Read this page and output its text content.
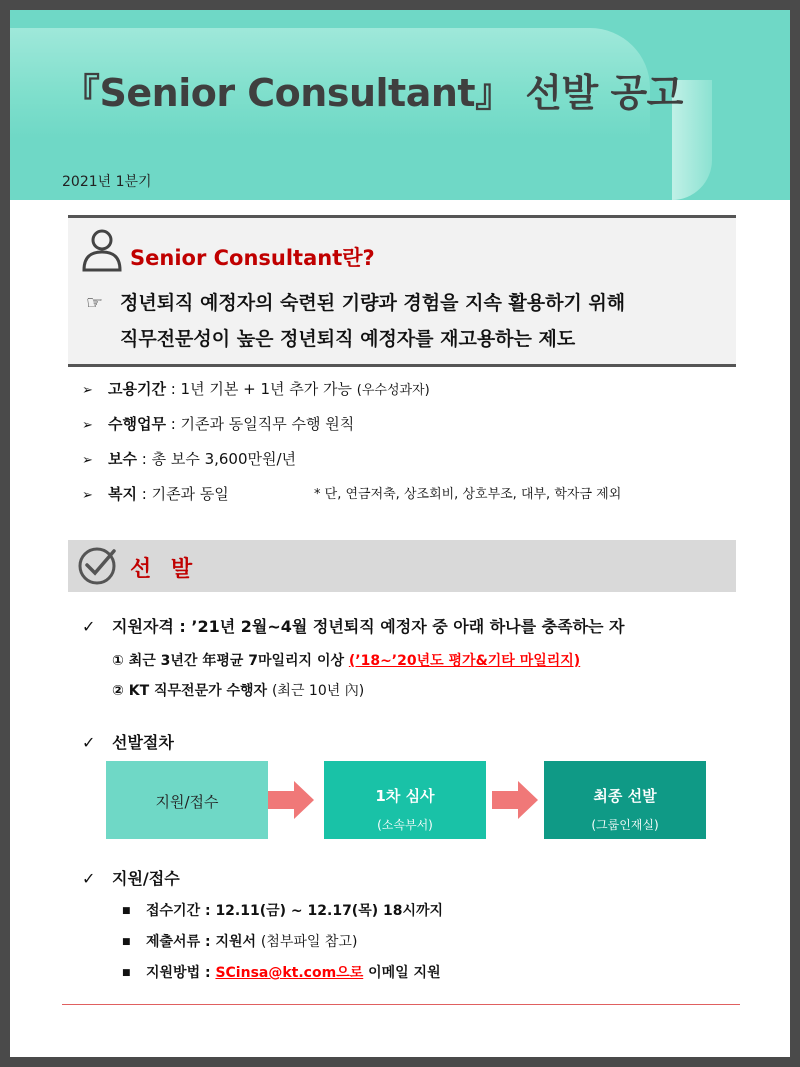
『Senior Consultant』 선발 공고
2021년 1분기
Senior Consultant란?
☞ 정년퇴직 예정자의 숙련된 기량과 경험을 지속 활용하기 위해
직무전문성이 높은 정년퇴직 예정자를 재고용하는 제도
➢ 고용기간 : 1년 기본 + 1년 추가 가능 (우수성과자)
➢ 수행업무 : 기존과 동일직무 수행 원칙
➢ 보수 : 총 보수 3,600만원/년
➢ 복지 : 기존과 동일	* 단, 연금저축, 상조회비, 상호부조, 대부, 학자금 제외
선 발
✓ 지원자격 : ’21년 2월~4월 정년퇴직 예정자 중 아래 하나를 충족하는 자
① 최근 3년간 年평균 7마일리지 이상 (’18~’20년도 평가&기타 마일리지)
② KT 직무전문가 수행자 (최근 10년 內)
✓ 선발절차
지원/접수	1차 심사
(소속부서)
최종 선발
(그룹인재실)
✓ 지원/접수
■ 접수기간 : 12.11(금) ~ 12.17(목) 18시까지
■ 제출서류 : 지원서 (첨부파일 참고)
■ 지원방법 : SCinsa@kt.com으로 이메일 지원
